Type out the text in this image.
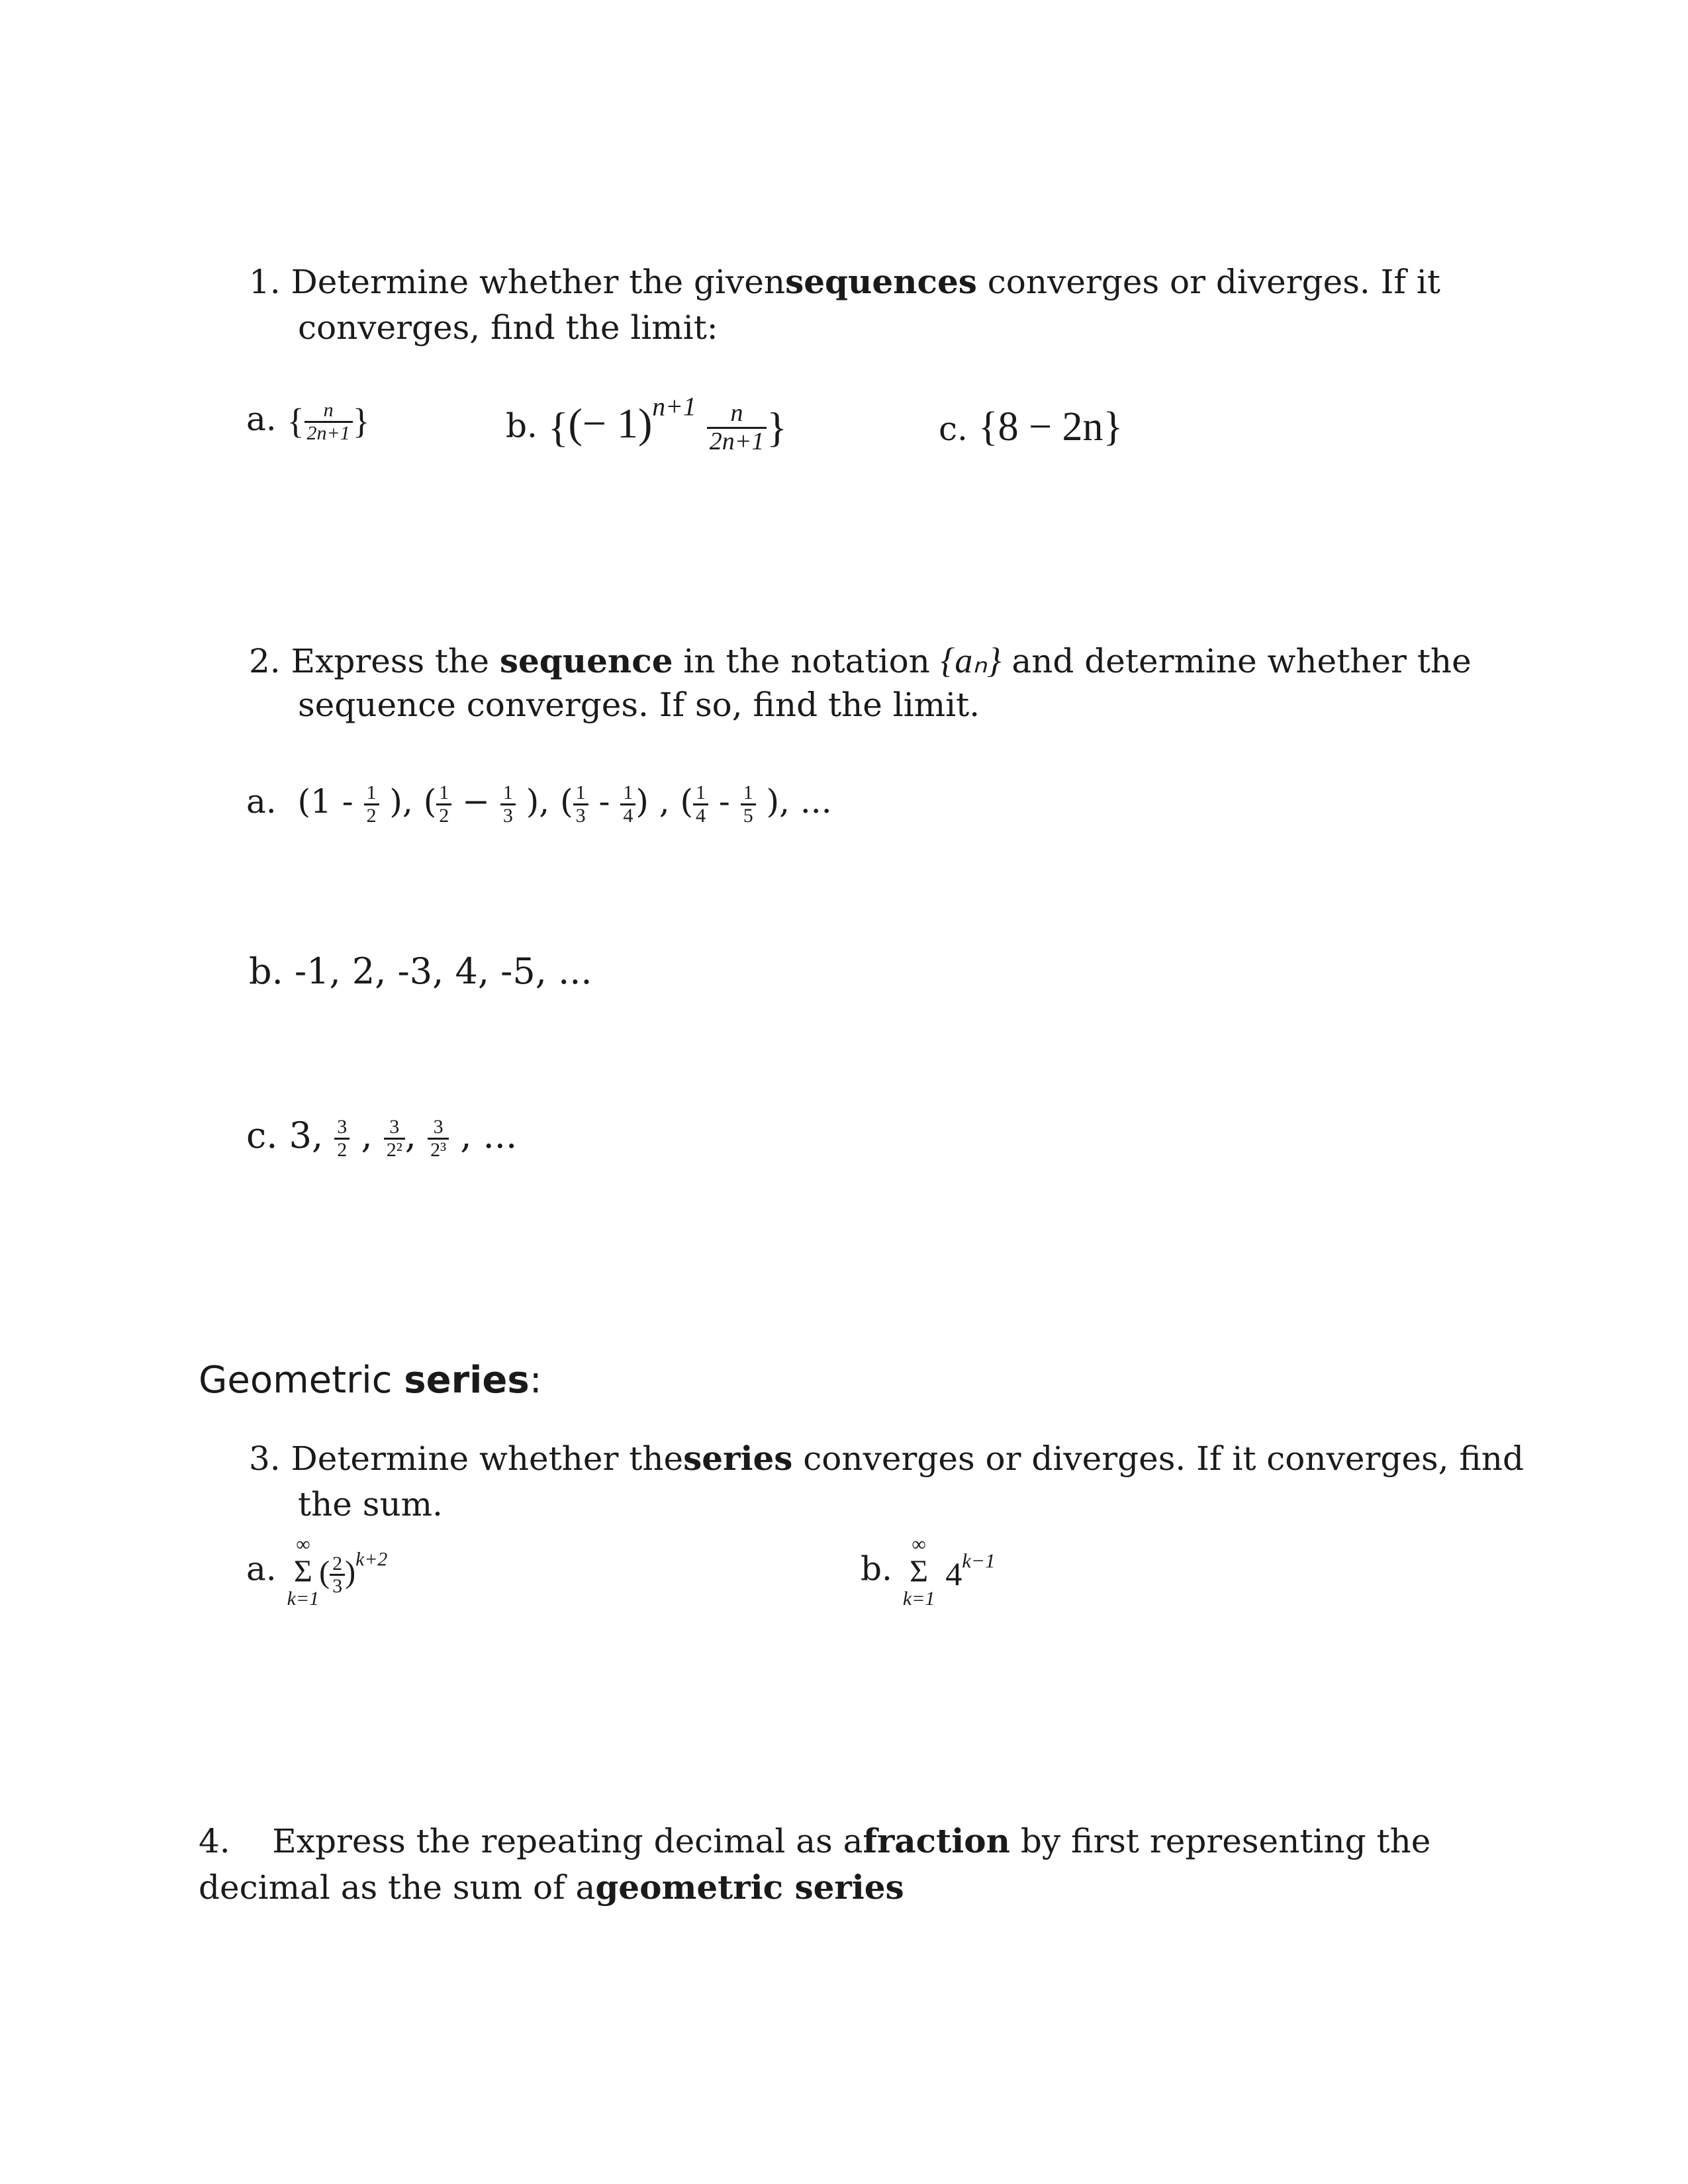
1. Determine whether the givensequences converges or diverges. If it
converges, find the limit:
a. { $\frac{n}{2n+1}$ }	b. {(− $1)^{n+1} \frac{n}{2n+1}$ }	c. {8 − 2n}
2. Express the sequence in the notation {aₙ} and determine whether the
sequence converges. If so, find the limit.
a. ($1 - \frac{1}{2}$ ), ( $\frac{1}{2} - \frac{1}{3}$ ), ( $\frac{1}{3} - \frac{1}{4}$ ) , ( $\frac{1}{4} - \frac{1}{5}$ ), ...
b. -1, 2, -3, 4, -5, ...
c. 3, $\frac{3}{2}$ , $\frac{3}{\text{2²}}$ , $\frac{3}{\text{2³}}$ , ...
Geometric series:
3. Determine whether theseries converges or diverges. If it converges, find
the sum.
a.
∞
Σ
k=1
( $\frac{2}{3} )^{k+2}$	b.
∞
Σ
k=1
$4^{k-1}$
4. Express the repeating decimal as afraction by first representing the
decimal as the sum of ageometric series
